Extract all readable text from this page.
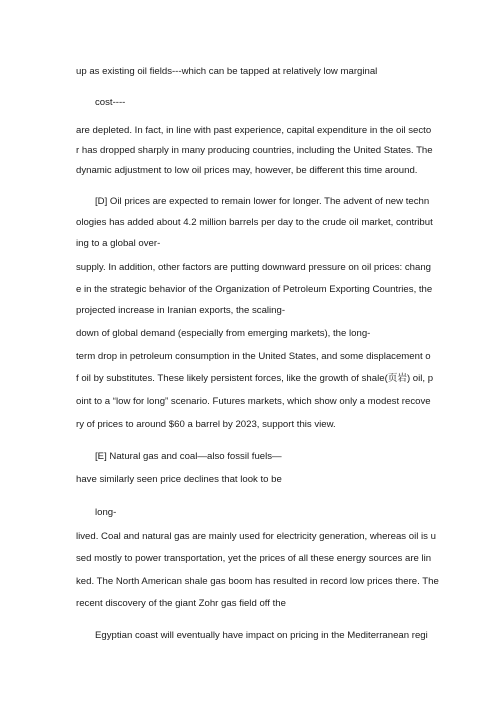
up as existing oil fields---which can be tapped at relatively low marginal
cost----
are depleted. In fact, in line with past experience, capital expenditure in the oil secto
r has dropped sharply in many producing countries, including the United States. The
dynamic adjustment to low oil prices may, however, be different this time around.
[D] Oil prices are expected to remain lower for longer. The advent of new techn
ologies has added about 4.2 million barrels per day to the crude oil market, contribut
ing to a global over-
supply. In addition, other factors are putting downward pressure on oil prices: chang
e in the strategic behavior of the Organization of Petroleum Exporting Countries, the
projected increase in Iranian exports, the scaling-
down of global demand (especially from emerging markets), the long-
term drop in petroleum consumption in the United States, and some displacement o
f oil by substitutes. These likely persistent forces, like the growth of shale(页岩) oil, p
oint to a “low for long” scenario. Futures markets, which show only a modest recove
ry of prices to around $60 a barrel by 2023, support this view.
[E] Natural gas and coal—also fossil fuels—
have similarly seen price declines that look to be
long-
lived. Coal and natural gas are mainly used for electricity generation, whereas oil is u
sed mostly to power transportation, yet the prices of all these energy sources are lin
ked. The North American shale gas boom has resulted in record low prices there. The
recent discovery of the giant Zohr gas field off the
Egyptian coast will eventually have impact on pricing in the Mediterranean regi
